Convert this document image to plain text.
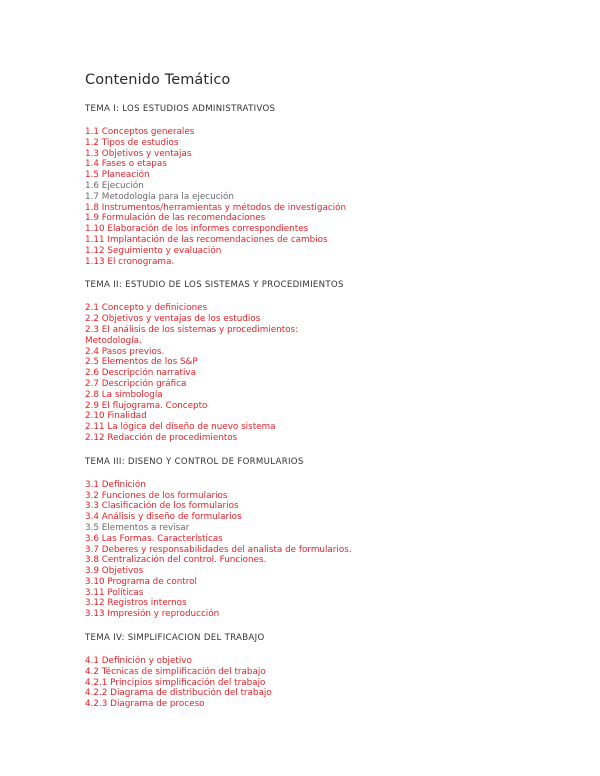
Contenido Temático
TEMA I: LOS ESTUDIOS ADMINISTRATIVOS
1.1 Conceptos generales
1.2 Tipos de estudios
1.3 Objetivos y ventajas
1.4 Fases o etapas
1.5 Planeación
1.6 Ejecución
1.7 Metodología para la ejecución
1.8 Instrumentos/herramientas y métodos de investigación
1.9 Formulación de las recomendaciones
1.10 Elaboración de los informes correspondientes
1.11 Implantación de las recomendaciones de cambios
1.12 Seguimiento y evaluación
1.13 El cronograma.
TEMA II: ESTUDIO DE LOS SISTEMAS Y PROCEDIMIENTOS
2.1 Concepto y definiciones
2.2 Objetivos y ventajas de los estudios
2.3 El análisis de los sistemas y procedimientos:
Metodología.
2.4 Pasos previos.
2.5 Elementos de los S&P
2.6 Descripción narrativa
2.7 Descripción gráfica
2.8 La simbología
2.9 El flujograma. Concepto
2.10 Finalidad
2.11 La lógica del diseño de nuevo sistema
2.12 Redacción de procedimientos
TEMA III: DISENO Y CONTROL DE FORMULARIOS
3.1 Definición
3.2 Funciones de los formularios
3.3 Clasificación de los formularios
3.4 Análisis y diseño de formularios
3.5 Elementos a revisar
3.6 Las Formas. Características
3.7 Deberes y responsabilidades del analista de formularios.
3.8 Centralización del control. Funciones.
3.9 Objetivos
3.10 Programa de control
3.11 Políticas
3.12 Registros internos
3.13 Impresión y reproducción
TEMA IV: SIMPLIFICACION DEL TRABAJO
4.1 Definición y objetivo
4.2 Técnicas de simplificación del trabajo
4.2.1 Principios simplificación del trabajo
4.2.2 Diagrama de distribución del trabajo
4.2.3 Diagrama de proceso
